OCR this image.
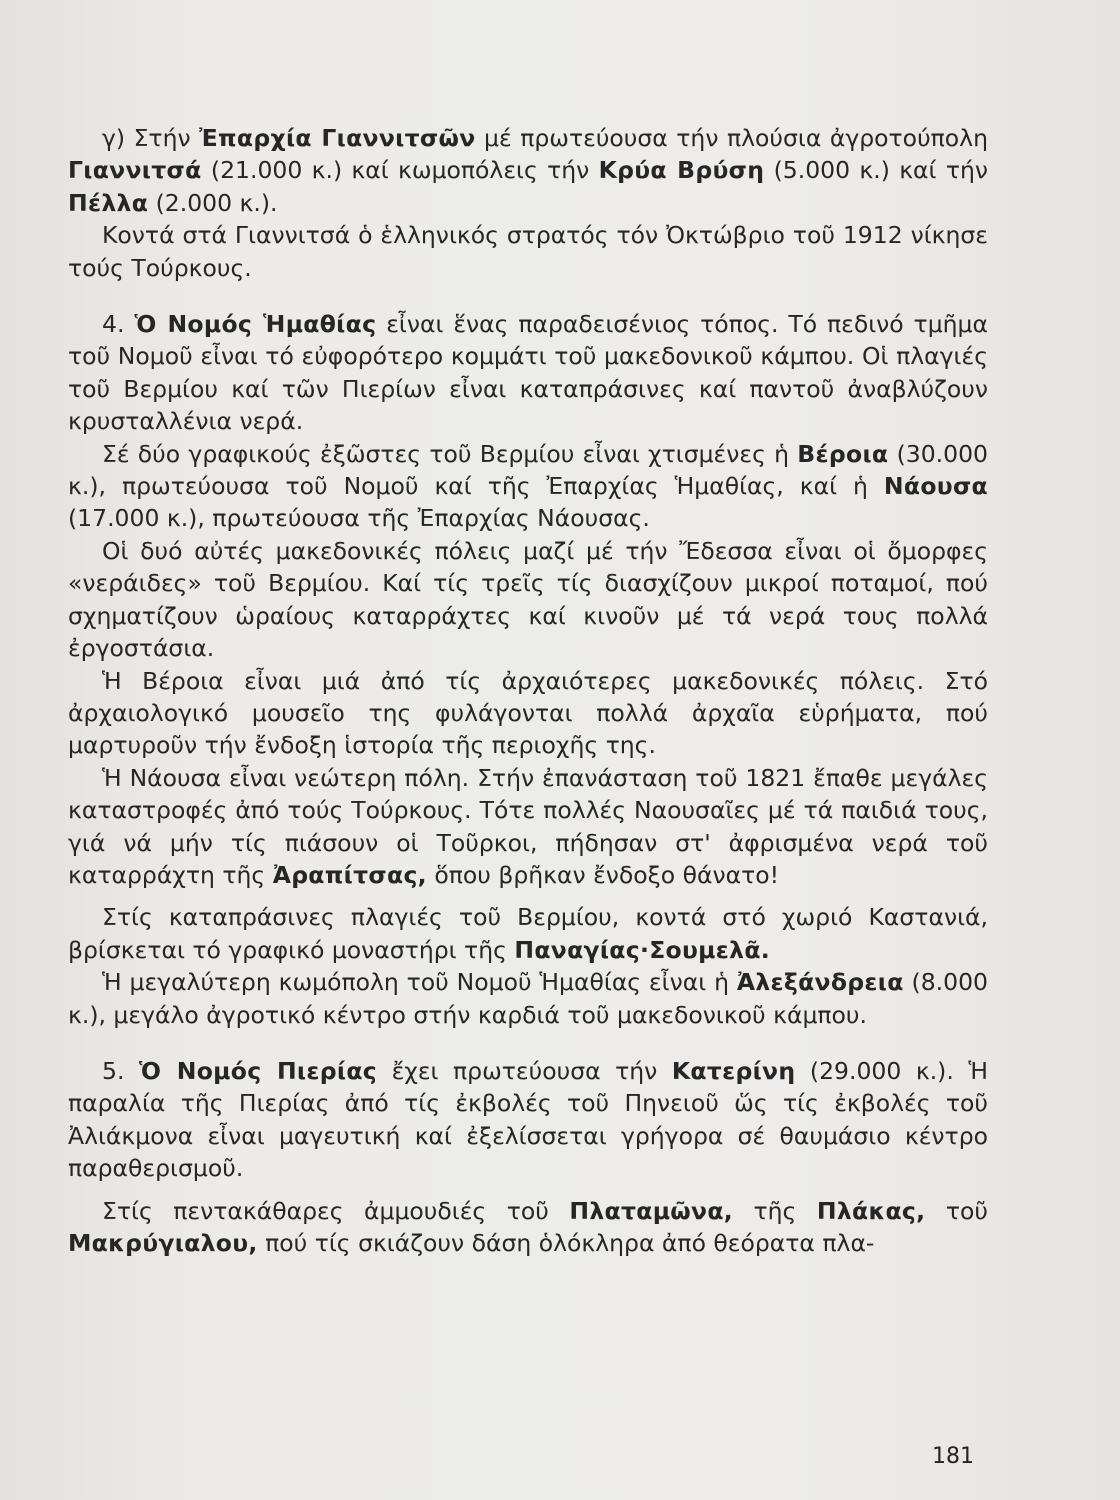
γ) Στήν Ἐπαρχία Γιαννιτσῶν μέ πρωτεύουσα τήν πλούσια ἀγροτούπολη Γιαννιτσά (21.000 κ.) καί κωμοπόλεις τήν Κρύα Βρύση (5.000 κ.) καί τήν Πέλλα (2.000 κ.).

Κοντά στά Γιαννιτσά ὁ ἑλληνικός στρατός τόν Ὀκτώβριο τοῦ 1912 νίκησε τούς Τούρκους.

4. Ὁ Νομός Ἡμαθίας εἶναι ἕνας παραδεισένιος τόπος. Τό πεδινό τμῆμα τοῦ Νομοῦ εἶναι τό εὐφορότερο κομμάτι τοῦ μακεδονικοῦ κάμπου. Οἱ πλαγιές τοῦ Βερμίου καί τῶν Πιερίων εἶναι καταπράσινες καί παντοῦ ἀναβλύζουν κρυσταλλένια νερά.

Σέ δύο γραφικούς ἐξῶστες τοῦ Βερμίου εἶναι χτισμένες ἡ Βέροια (30.000 κ.), πρωτεύουσα τοῦ Νομοῦ καί τῆς Ἐπαρχίας Ἡμαθίας, καί ἡ Νάουσα (17.000 κ.), πρωτεύουσα τῆς Ἐπαρχίας Νάουσας.

Οἱ δυό αὐτές μακεδονικές πόλεις μαζί μέ τήν Ἔδεσσα εἶναι οἱ ὄμορφες «νεράιδες» τοῦ Βερμίου. Καί τίς τρεῖς τίς διασχίζουν μικροί ποταμοί, πού σχηματίζουν ὡραίους καταρράχτες καί κινοῦν μέ τά νερά τους πολλά ἐργοστάσια.

Ἡ Βέροια εἶναι μιά ἀπό τίς ἀρχαιότερες μακεδονικές πόλεις. Στό ἀρχαιολογικό μουσεῖο της φυλάγονται πολλά ἀρχαῖα εὑρήματα, πού μαρτυροῦν τήν ἔνδοξη ἱστορία τῆς περιοχῆς της.

Ἡ Νάουσα εἶναι νεώτερη πόλη. Στήν ἐπανάσταση τοῦ 1821 ἔπαθε μεγάλες καταστροφές ἀπό τούς Τούρκους. Τότε πολλές Ναουσαῖες μέ τά παιδιά τους, γιά νά μήν τίς πιάσουν οἱ Τοῦρκοι, πήδησαν στ' ἀφρισμένα νερά τοῦ καταρράχτη τῆς Ἀραπίτσας, ὅπου βρῆκαν ἔνδοξο θάνατο!

Στίς καταπράσινες πλαγιές τοῦ Βερμίου, κοντά στό χωριό Καστανιά, βρίσκεται τό γραφικό μοναστήρι τῆς Παναγίας·Σουμελᾶ.

Ἡ μεγαλύτερη κωμόπολη τοῦ Νομοῦ Ἡμαθίας εἶναι ἡ Ἀλεξάνδρεια (8.000 κ.), μεγάλο ἀγροτικό κέντρο στήν καρδιά τοῦ μακεδονικοῦ κάμπου.

5. Ὁ Νομός Πιερίας ἔχει πρωτεύουσα τήν Κατερίνη (29.000 κ.). Ἡ παραλία τῆς Πιερίας ἀπό τίς ἐκβολές τοῦ Πηνειοῦ ὥς τίς ἐκβολές τοῦ Ἀλιάκμονα εἶναι μαγευτική καί ἐξελίσσεται γρήγορα σέ θαυμάσιο κέντρο παραθερισμοῦ.

Στίς πεντακάθαρες ἀμμουδιές τοῦ Πλαταμῶνα, τῆς Πλάκας, τοῦ Μακρύγιαλου, πού τίς σκιάζουν δάση ὁλόκληρα ἀπό θεόρατα πλα-

181
